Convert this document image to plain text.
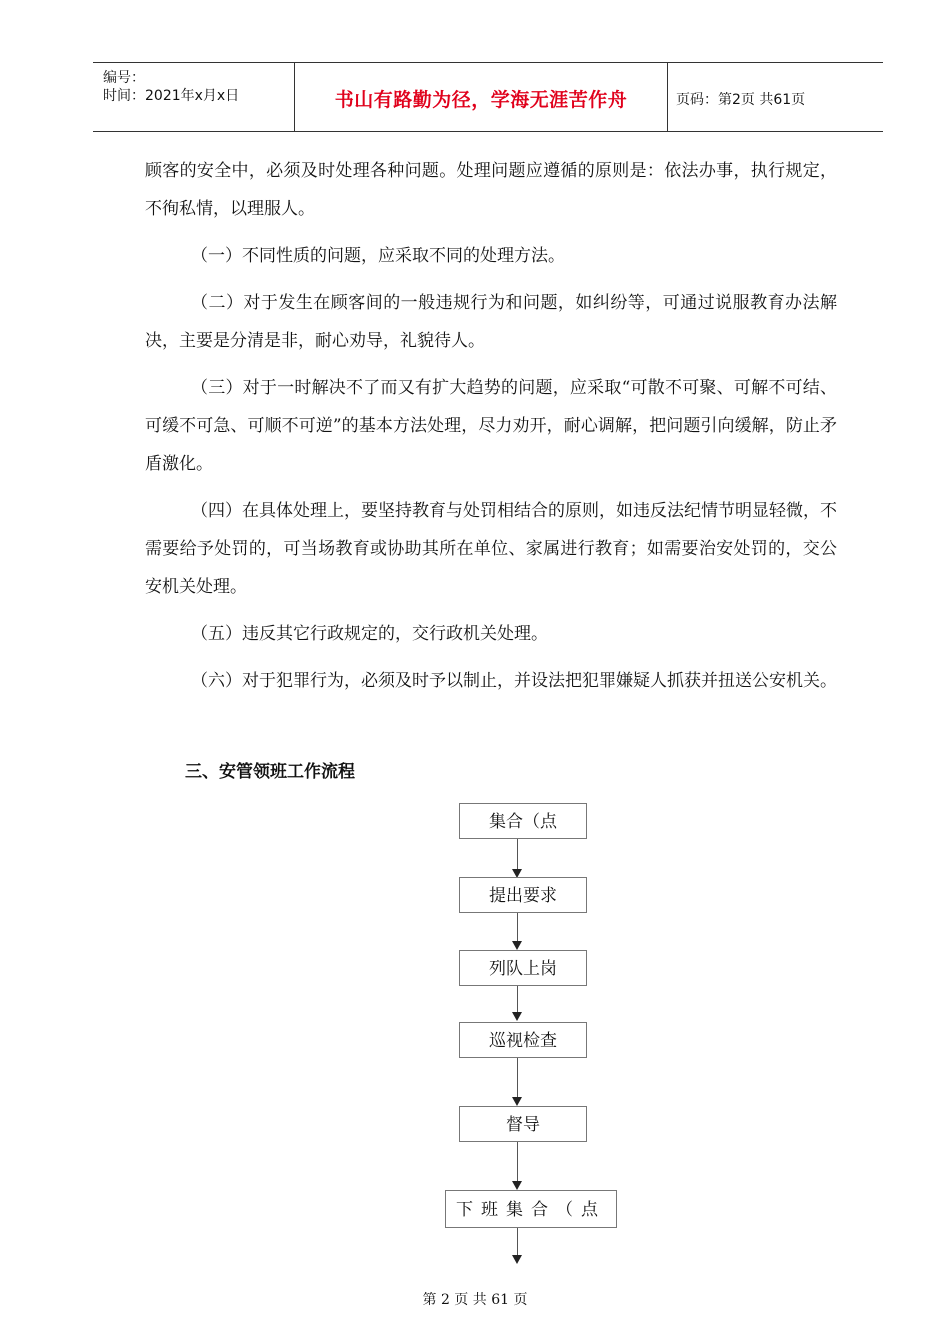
编号：
时间：2021年x月x日	书山有路勤为径，学海无涯苦作舟	页码：第2页 共61页

顾客的安全中，必须及时处理各种问题。处理问题应遵循的原则是：依法办事，执行规定，不徇私情，以理服人。

（一）不同性质的问题，应采取不同的处理方法。

（二）对于发生在顾客间的一般违规行为和问题，如纠纷等，可通过说服教育办法解决，主要是分清是非，耐心劝导，礼貌待人。

（三）对于一时解决不了而又有扩大趋势的问题，应采取“可散不可聚、可解不可结、可缓不可急、可顺不可逆”的基本方法处理，尽力劝开，耐心调解，把问题引向缓解，防止矛盾激化。

（四）在具体处理上，要坚持教育与处罚相结合的原则，如违反法纪情节明显轻微，不需要给予处罚的，可当场教育或协助其所在单位、家属进行教育；如需要治安处罚的，交公安机关处理。

（五）违反其它行政规定的，交行政机关处理。

（六）对于犯罪行为，必须及时予以制止，并设法把犯罪嫌疑人抓获并扭送公安机关。

三、安管领班工作流程
集合（点
提出要求
列队上岗
巡视检查
督导
下班集合（点
第 2 页 共 61 页
